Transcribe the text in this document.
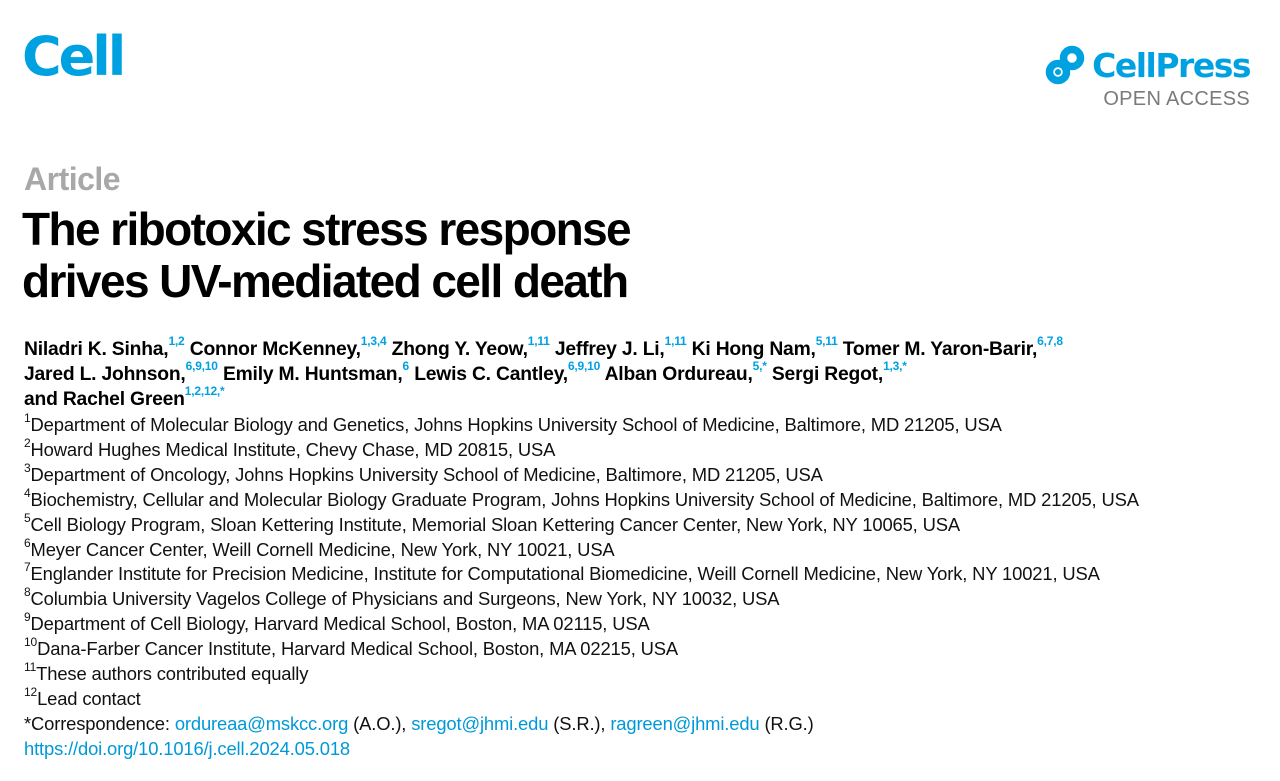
Cell	CellPress
OPEN ACCESS
Article
The ribotoxic stress response
drives UV-mediated cell death
Niladri K. Sinha,$^{1,2}$ Connor McKenney,$^{1,3,4}$ Zhong Y. Yeow,$^{1,11}$ Jeffrey J. Li,$^{1,11}$ Ki Hong Nam,$^{5,11}$ Tomer M. Yaron-Barir,$^{6,7,8}$
Jared L. Johnson,$^{6,9,10}$ Emily M. Huntsman,$^6$ Lewis C. Cantley,$^{6,9,10}$ Alban Ordureau,$^{5,*}$ Sergi Regot,$^{1,3,*}$
and Rachel Green$^{1,2,12,*}$
$^1$Department of Molecular Biology and Genetics, Johns Hopkins University School of Medicine, Baltimore, MD 21205, USA
$^2$Howard Hughes Medical Institute, Chevy Chase, MD 20815, USA
$^3$Department of Oncology, Johns Hopkins University School of Medicine, Baltimore, MD 21205, USA
$^4$Biochemistry, Cellular and Molecular Biology Graduate Program, Johns Hopkins University School of Medicine, Baltimore, MD 21205, USA
$^5$Cell Biology Program, Sloan Kettering Institute, Memorial Sloan Kettering Cancer Center, New York, NY 10065, USA
$^6$Meyer Cancer Center, Weill Cornell Medicine, New York, NY 10021, USA
$^7$Englander Institute for Precision Medicine, Institute for Computational Biomedicine, Weill Cornell Medicine, New York, NY 10021, USA
$^8$Columbia University Vagelos College of Physicians and Surgeons, New York, NY 10032, USA
$^9$Department of Cell Biology, Harvard Medical School, Boston, MA 02115, USA
$^{10}$Dana-Farber Cancer Institute, Harvard Medical School, Boston, MA 02215, USA
$^{11}$These authors contributed equally
$^{12}$Lead contact
*Correspondence: ordureaa@mskcc.org (A.O.), sregot@jhmi.edu (S.R.), ragreen@jhmi.edu (R.G.)
https://doi.org/10.1016/j.cell.2024.05.018
